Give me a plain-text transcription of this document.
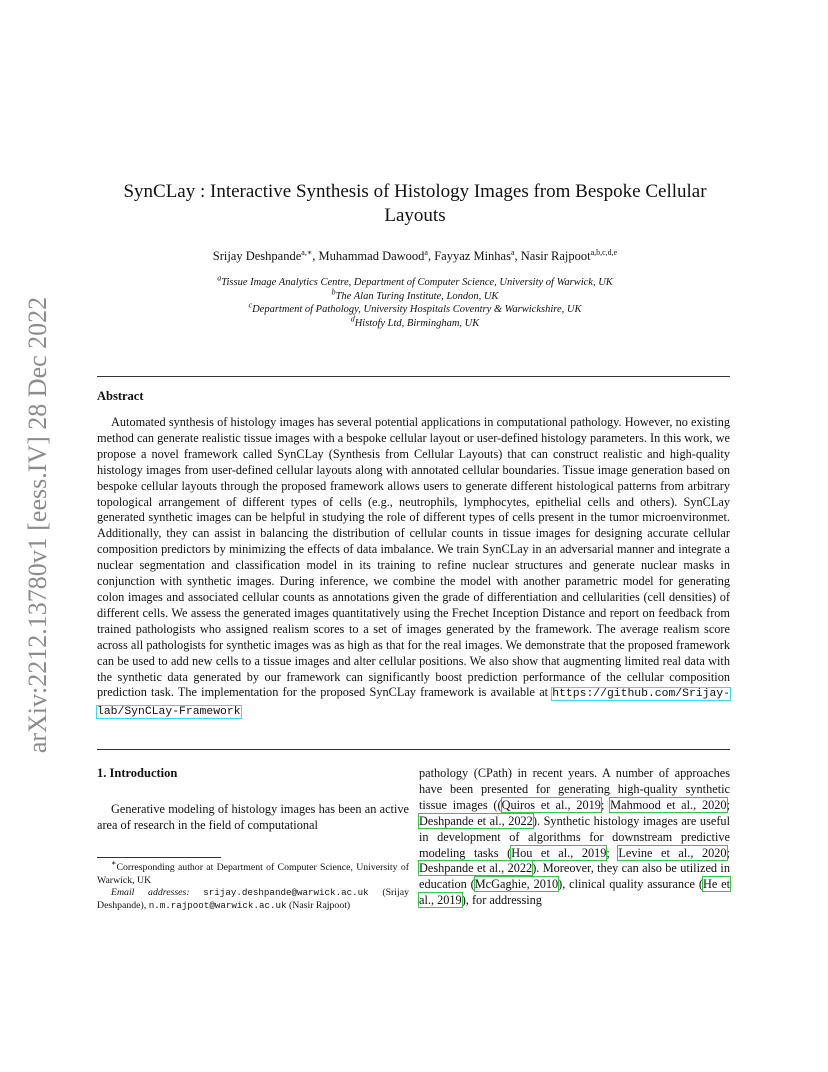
arXiv:2212.13780v1 [eess.IV] 28 Dec 2022
SynCLay : Interactive Synthesis of Histology Images from Bespoke Cellular Layouts
Srijay Deshpande$^{a,∗}$, Muhammad Dawood$^a$, Fayyaz Minhas$^a$, Nasir Rajpoot$^{a,b,c,d,e}$
$^a$Tissue Image Analytics Centre, Department of Computer Science, University of Warwick, UK
$^b$The Alan Turing Institute, London, UK
$^c$Department of Pathology, University Hospitals Coventry & Warwickshire, UK
$^d$Histofy Ltd, Birmingham, UK
Abstract

Automated synthesis of histology images has several potential applications in computational pathology. However, no existing method can generate realistic tissue images with a bespoke cellular layout or user-defined histology parameters. In this work, we propose a novel framework called SynCLay (Synthesis from Cellular Layouts) that can construct realistic and high-quality histology images from user-defined cellular layouts along with annotated cellular boundaries. Tissue image generation based on bespoke cellular layouts through the proposed framework allows users to generate different histological patterns from arbitrary topological arrangement of different types of cells (e.g., neutrophils, lymphocytes, epithelial cells and others). SynCLay generated synthetic images can be helpful in studying the role of different types of cells present in the tumor microenvironmet. Additionally, they can assist in balancing the distribution of cellular counts in tissue images for designing accurate cellular composition predictors by minimizing the effects of data imbalance. We train SynCLay in an adversarial manner and integrate a nuclear segmentation and classification model in its training to refine nuclear structures and generate nuclear masks in conjunction with synthetic images. During inference, we combine the model with another parametric model for generating colon images and associated cellular counts as annotations given the grade of differentiation and cellularities (cell densities) of different cells. We assess the generated images quantitatively using the Frechet Inception Distance and report on feedback from trained pathologists who assigned realism scores to a set of images generated by the framework. The average realism score across all pathologists for synthetic images was as high as that for the real images. We demonstrate that the proposed framework can be used to add new cells to a tissue images and alter cellular positions. We also show that augmenting limited real data with the synthetic data generated by our framework can significantly boost prediction performance of the cellular composition prediction task. The implementation for the proposed SynCLay framework is available at https://github.com/Srijay-lab/SynCLay-Framework

1. Introduction

Generative modeling of histology images has been an active area of research in the field of computational

∗Corresponding author at Department of Computer Science, University of Warwick, UK

Email addresses: srijay.deshpande@warwick.ac.uk (Srijay Deshpande), n.m.rajpoot@warwick.ac.uk (Nasir Rajpoot)

pathology (CPath) in recent years. A number of approaches have been presented for generating high-quality synthetic tissue images ((Quiros et al., 2019; Mahmood et al., 2020; Deshpande et al., 2022). Synthetic histology images are useful in development of algorithms for downstream predictive modeling tasks (Hou et al., 2019; Levine et al., 2020; Deshpande et al., 2022). Moreover, they can also be utilized in education (McGaghie, 2010), clinical quality assurance (He et al., 2019), for addressing
